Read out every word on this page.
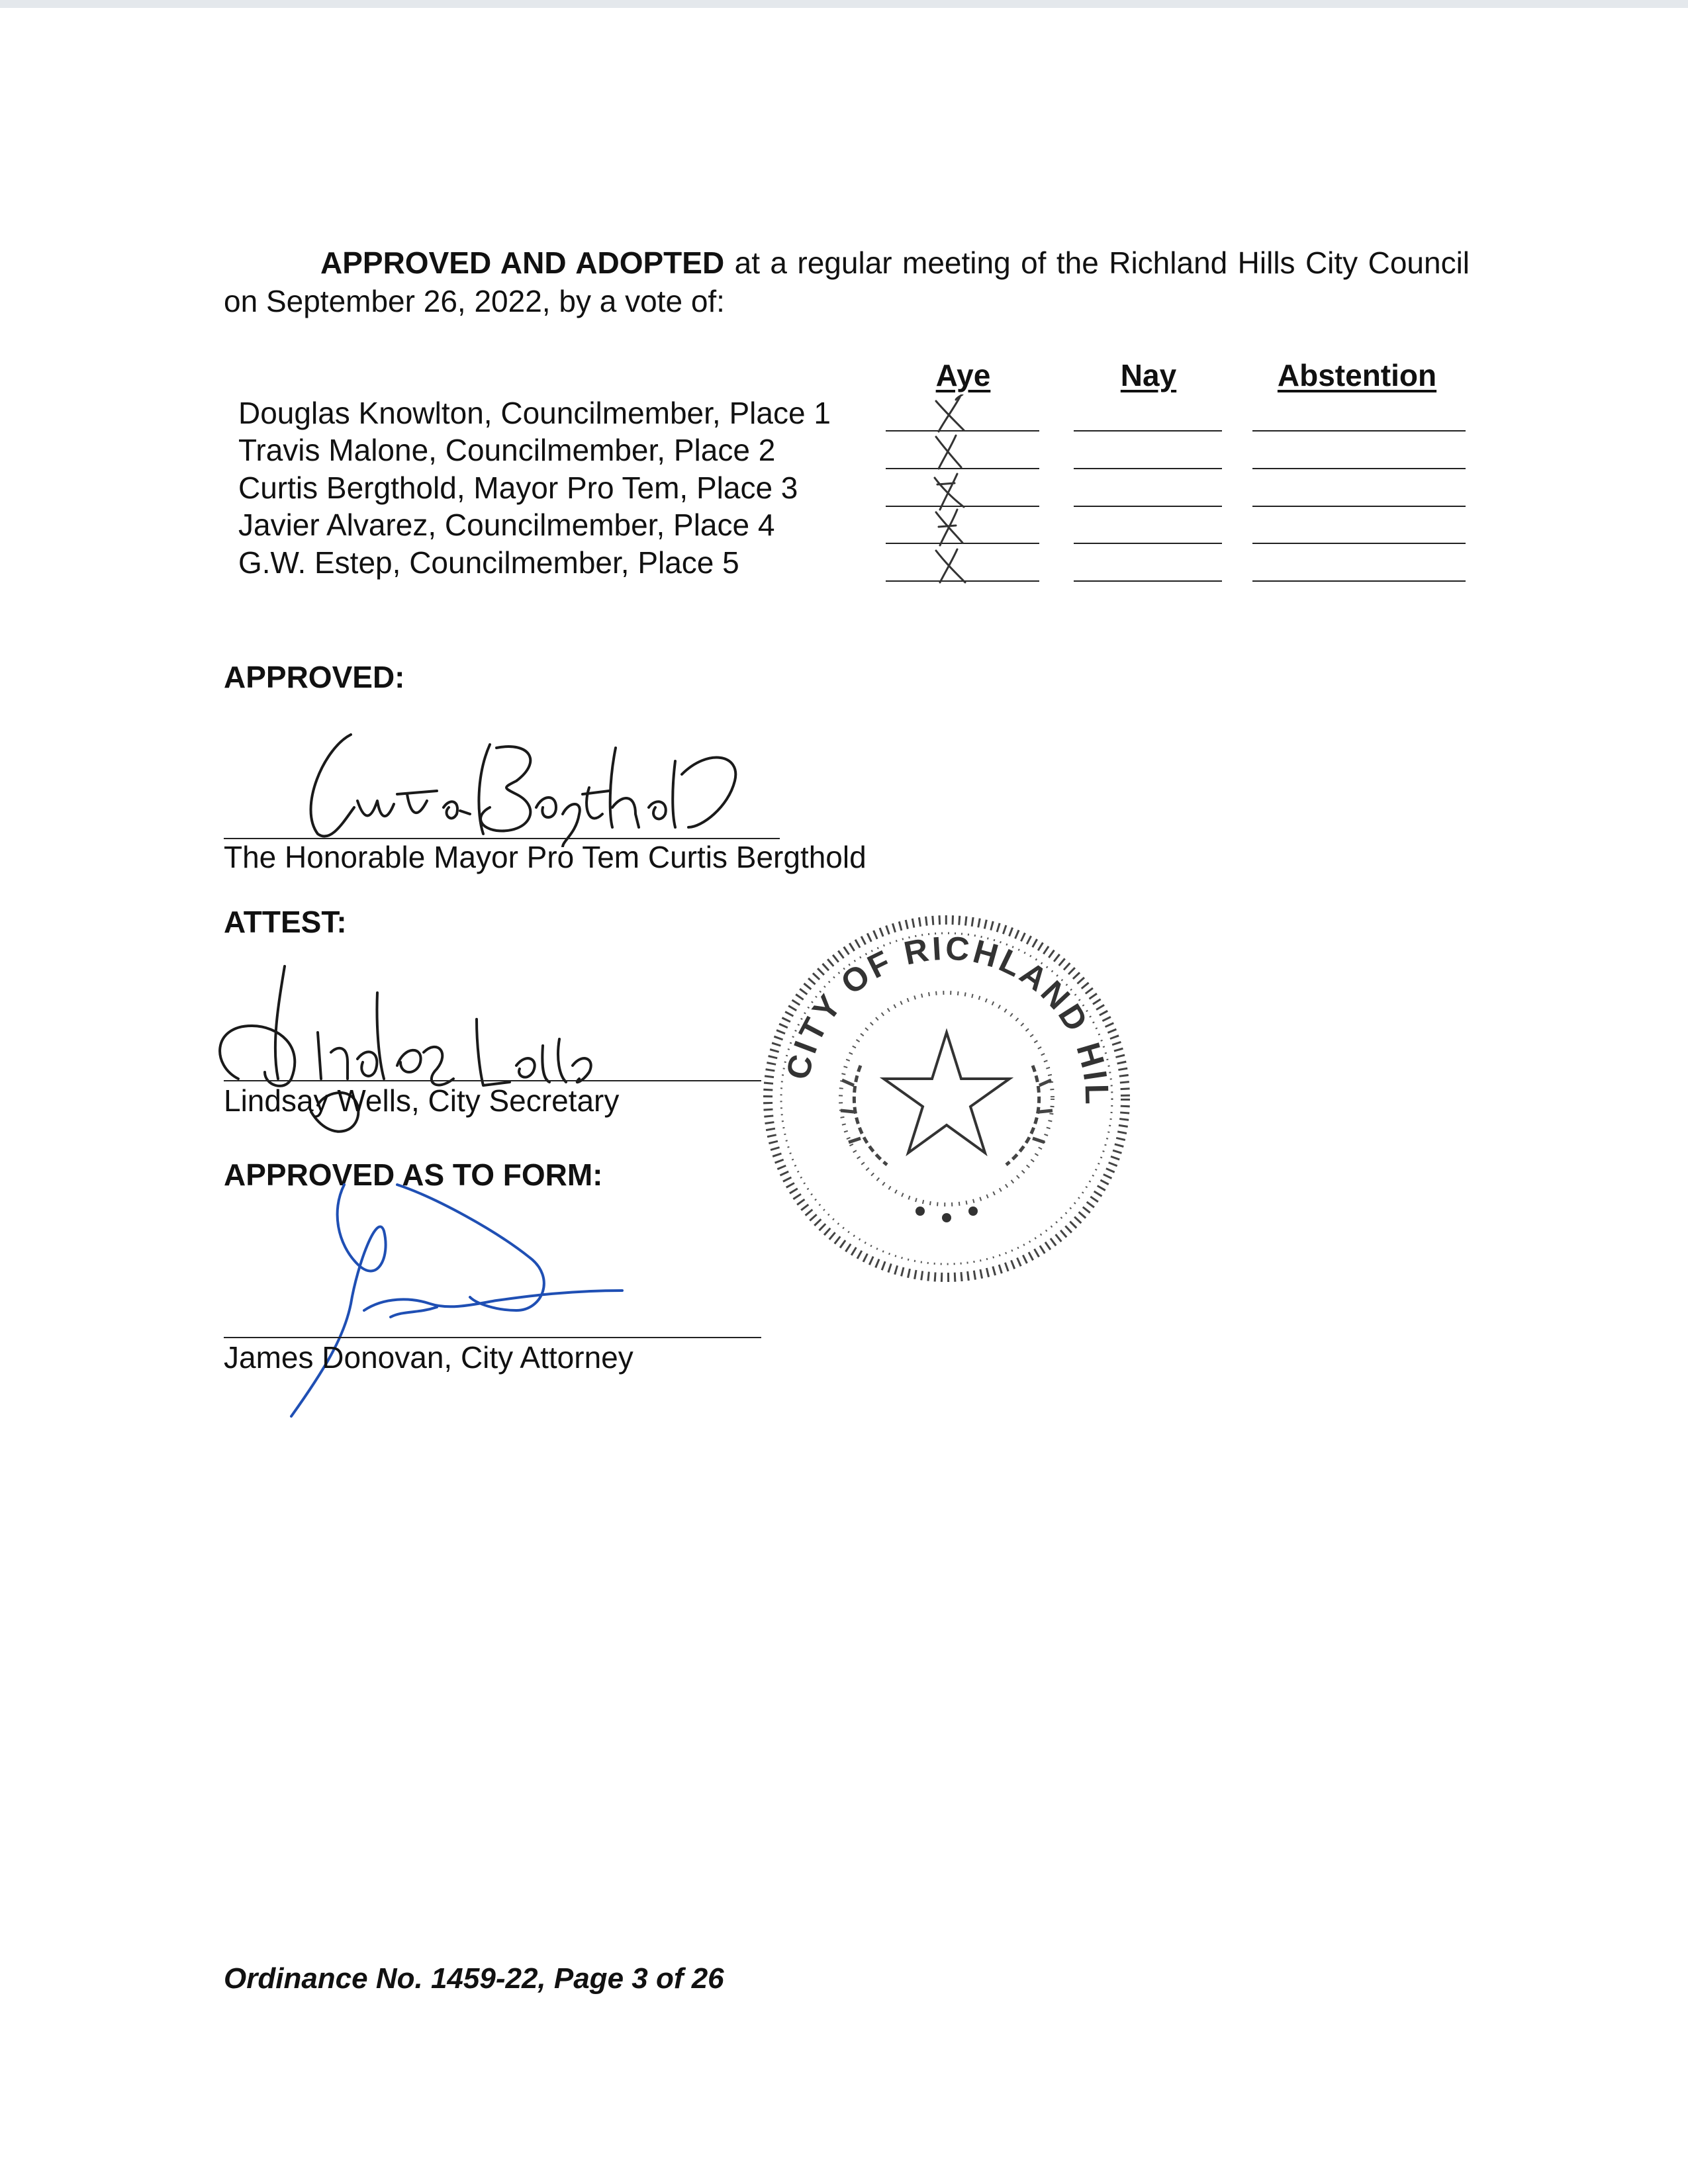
APPROVED AND ADOPTED at a regular meeting of the Richland Hills City Council on September 26, 2022, by a vote of:
Aye	Nay	Abstention
Douglas Knowlton, Councilmember, Place 1
Travis Malone, Councilmember, Place 2
Curtis Bergthold, Mayor Pro Tem, Place 3
Javier Alvarez, Councilmember, Place 4
G.W. Estep, Councilmember, Place 5
APPROVED:
The Honorable Mayor Pro Tem Curtis Bergthold
ATTEST:
Lindsay Wells, City Secretary
APPROVED AS TO FORM:
James Donovan, City Attorney
CITY OF RICHLAND HIL
Ordinance No. 1459-22, Page 3 of 26
